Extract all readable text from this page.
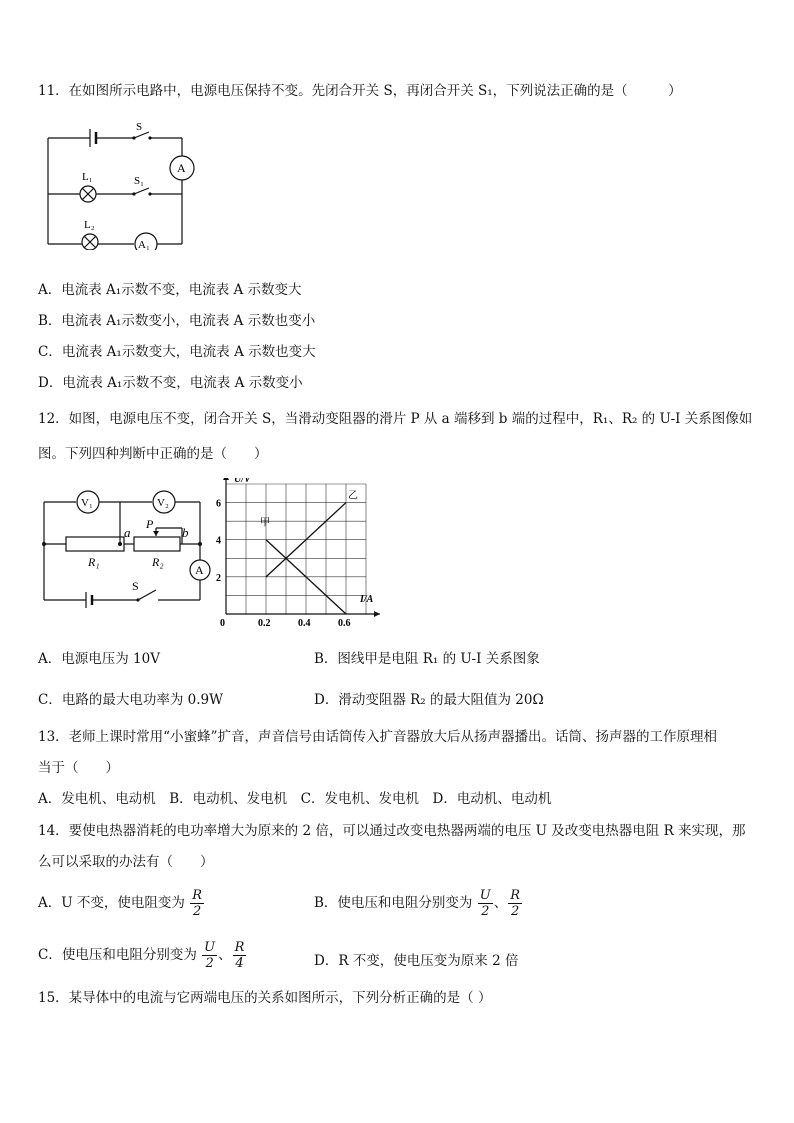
11．在如图所示电路中，电源电压保持不变。先闭合开关 S，再闭合开关 S₁，下列说法正确的是（　　　）
S
S₁
A
L₁
L₂
A₁
A．电流表 A₁示数不变，电流表 A 示数变大
B．电流表 A₁示数变小，电流表 A 示数也变小
C．电流表 A₁示数变大，电流表 A 示数也变大
D．电流表 A₁示数不变，电流表 A 示数变小
12．如图，电源电压不变，闭合开关 S，当滑动变阻器的滑片 P 从 a 端移到 b 端的过程中，R₁、R₂ 的 U-I 关系图像如
图。下列四种判断中正确的是（　　）
V₁	V₂
a	b
P
R₁	R₂
A
S
U/V
I/A
0	0.2	0.4	0.6
2
4
6
甲
乙
A．电源电压为 10V	B．图线甲是电阻 R₁ 的 U-I 关系图象
C．电路的最大电功率为 0.9W	D．滑动变阻器 R₂ 的最大阻值为 20Ω
13．老师上课时常用“小蜜蜂”扩音，声音信号由话筒传入扩音器放大后从扬声器播出。话筒、扬声器的工作原理相
当于（　　）
A．发电机、电动机　B．电动机、发电机　C．发电机、发电机　D．电动机、电动机
14．要使电热器消耗的电功率增大为原来的 2 倍，可以通过改变电热器两端的电压 U 及改变电热器电阻 R 来实现，那
么可以采取的办法有（　　）
A．U 不变，使电阻变为 $\frac{R}{2}$	B．使电压和电阻分别变为 $\frac{U}{2}$ 、 $\frac{R}{2}$
C．使电压和电阻分别变为 $\frac{U}{2}$ 、 $\frac{R}{4}$	D．R 不变，使电压变为原来 2 倍
15．某导体中的电流与它两端电压的关系如图所示，下列分析正确的是（ ）
